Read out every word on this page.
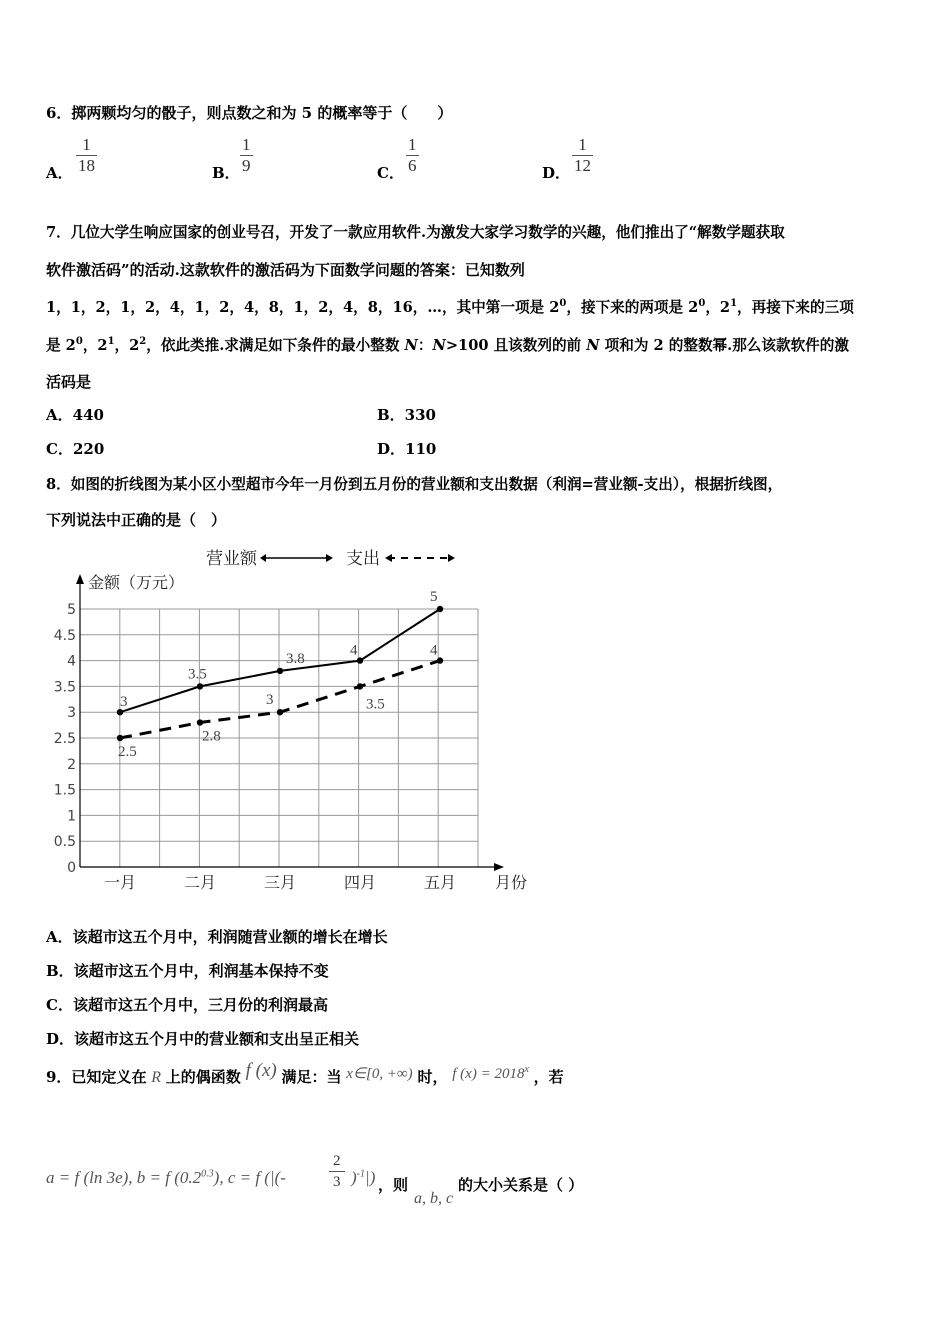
6．掷两颗均匀的骰子，则点数之和为 5 的概率等于（　　）
A．
1
18	B．
1
9	C．
1
6	D．
1
12
7．几位大学生响应国家的创业号召，开发了一款应用软件.为激发大家学习数学的兴趣，他们推出了“解数学题获取
软件激活码”的活动.这款软件的激活码为下面数学问题的答案：已知数列
1，1，2，1，2，4，1，2，4，8，1，2，4，8，16，…，其中第一项是 $2^0$，接下来的两项是 $2^0$，$2^1$，再接下来的三项
是 $2^0$，$2^1$，$2^2$，依此类推.求满足如下条件的最小整数 N：N>100 且该数列的前 N 项和为 2 的整数幂.那么该款软件的激
活码是
A．440	B．330
C．220	D．110
8．如图的折线图为某小区小型超市今年一月份到五月份的营业额和支出数据（利润=营业额-支出），根据折线图，
下列说法中正确的是（　）
0
0.5
1
1.5
2
2.5
3
3.5
4
4.5
5
一月	二月	三月	四月	五月
金额（万元）
月份
营业额	支出
3
3.5
3.8
4
5
2.5
2.8
3	3.5
4
A．该超市这五个月中，利润随营业额的增长在增长
B．该超市这五个月中，利润基本保持不变
C．该超市这五个月中，三月份的利润最高
D．该超市这五个月中的营业额和支出呈正相关
9．已知定义在 R 上的偶函数 f (x) 满足：当 x∈[0, +∞) 时， f $(x) = 2018^x$ ，若
a = f (ln 3e), b = f $(0.2^{0.3})$, c = f (|(-
2
3 )$^{-1}$|) ，则
a, b, c
的大小关系是（ ）
